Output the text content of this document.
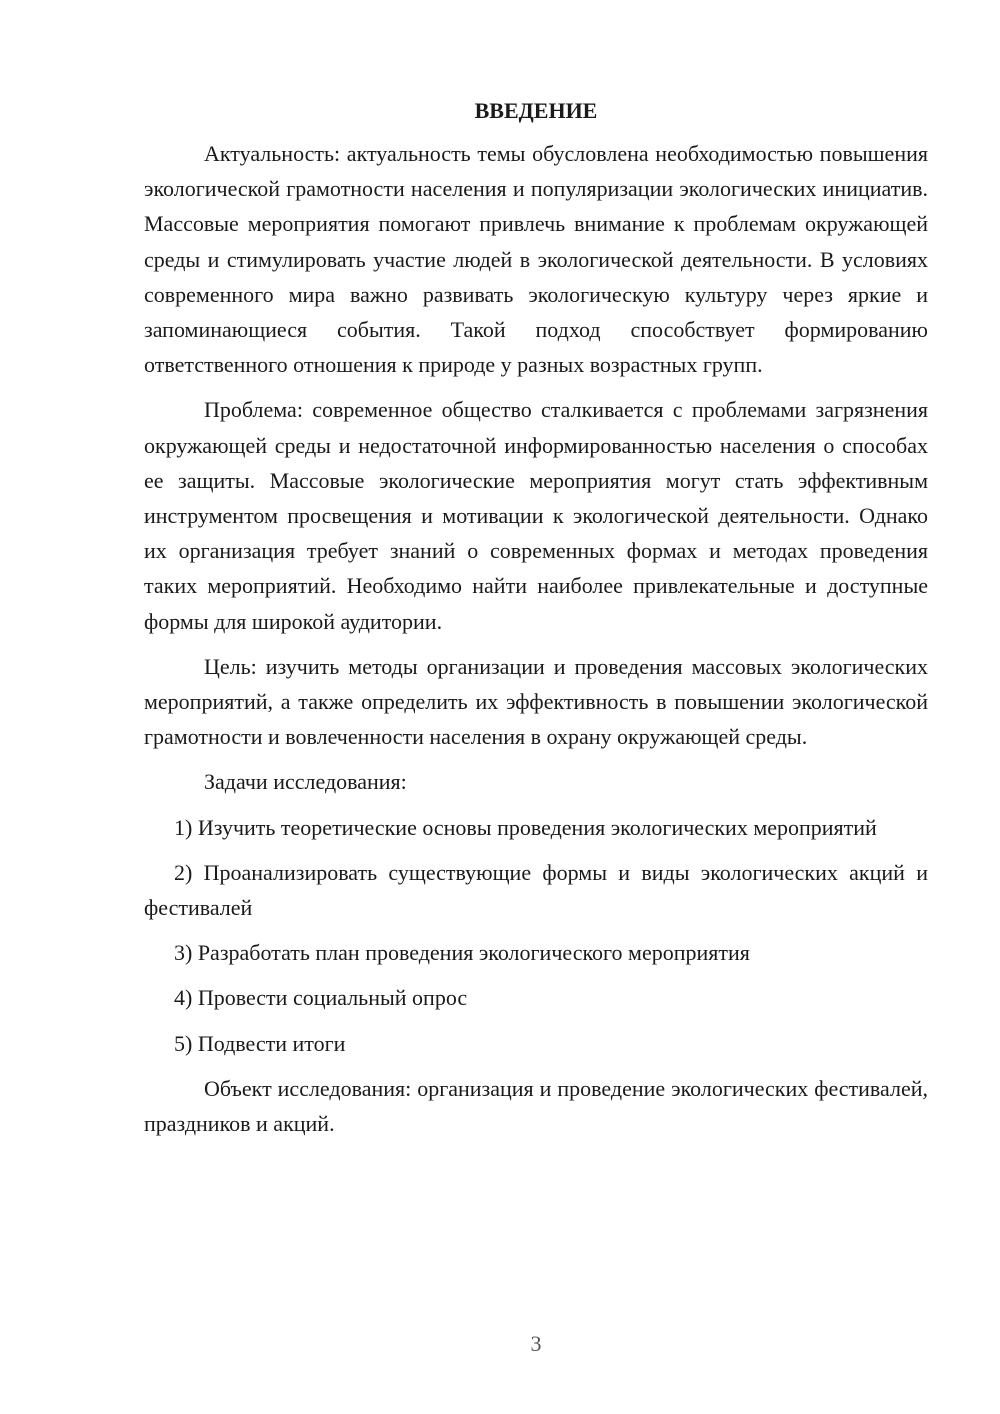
ВВЕДЕНИЕ

Актуальность: актуальность темы обусловлена необходимостью повышения экологической грамотности населения и популяризации экологических инициатив. Массовые мероприятия помогают привлечь внимание к проблемам окружающей среды и стимулировать участие людей в экологической деятельности. В условиях современного мира важно развивать экологическую культуру через яркие и запоминающиеся события. Такой подход способствует формированию ответственного отношения к природе у разных возрастных групп.

Проблема: современное общество сталкивается с проблемами загрязнения окружающей среды и недостаточной информированностью населения о способах ее защиты. Массовые экологические мероприятия могут стать эффективным инструментом просвещения и мотивации к экологической деятельности. Однако их организация требует знаний о современных формах и методах проведения таких мероприятий. Необходимо найти наиболее привлекательные и доступные формы для широкой аудитории.

Цель: изучить методы организации и проведения массовых экологических мероприятий, а также определить их эффективность в повышении экологической грамотности и вовлеченности населения в охрану окружающей среды.

Задачи исследования:

1) Изучить теоретические основы проведения экологических мероприятий

2) Проанализировать существующие формы и виды экологических акций и фестивалей

3) Разработать план проведения экологического мероприятия

4) Провести социальный опрос

5) Подвести итоги

Объект исследования: организация и проведение экологических фестивалей, праздников и акций.

3
